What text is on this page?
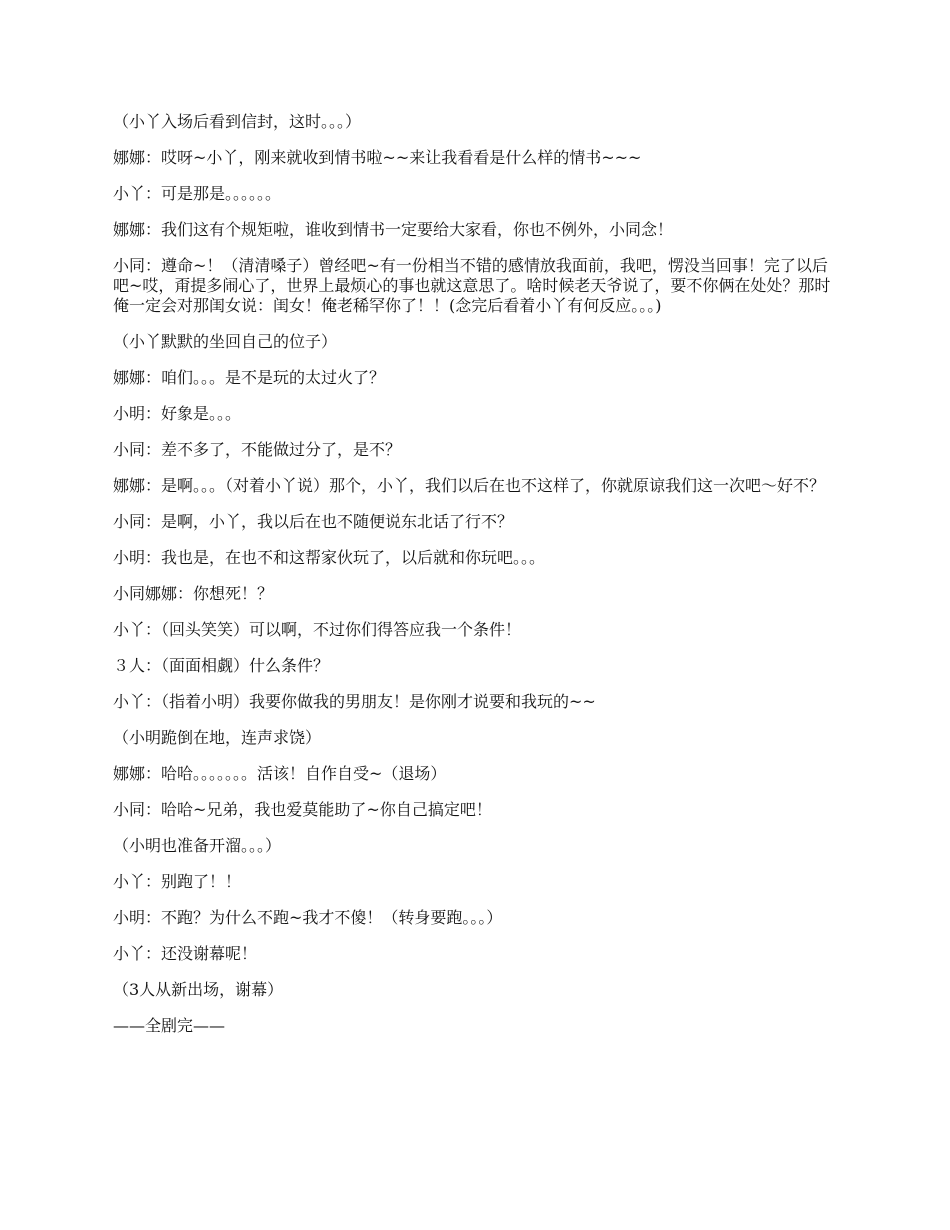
（小丫入场后看到信封，这时。。。）

娜娜：哎呀~小丫，刚来就收到情书啦~~来让我看看是什么样的情书~~~

小丫：可是那是。。。。。。

娜娜：我们这有个规矩啦，谁收到情书一定要给大家看，你也不例外，小同念！

小同：遵命~！（清清嗓子）曾经吧~有一份相当不错的感情放我面前，我吧，愣没当回事！完了以后吧~哎，甭提多闹心了，世界上最烦心的事也就这意思了。啥时候老天爷说了，要不你俩在处处？那时俺一定会对那闺女说：闺女！俺老稀罕你了！！(念完后看着小丫有何反应。。。)

（小丫默默的坐回自己的位子）

娜娜：咱们。。。是不是玩的太过火了？

小明：好象是。。。

小同：差不多了，不能做过分了，是不？

娜娜：是啊。。。（对着小丫说）那个，小丫，我们以后在也不这样了，你就原谅我们这一次吧～好不？

小同：是啊，小丫，我以后在也不随便说东北话了行不？

小明：我也是，在也不和这帮家伙玩了，以后就和你玩吧。。。

小同娜娜：你想死！？

小丫：（回头笑笑）可以啊，不过你们得答应我一个条件！

３人：（面面相觑）什么条件？

小丫：（指着小明）我要你做我的男朋友！是你刚才说要和我玩的~~

（小明跪倒在地，连声求饶）

娜娜：哈哈。。。。。。。活该！自作自受~（退场）

小同：哈哈~兄弟，我也爱莫能助了~你自己搞定吧！

（小明也准备开溜。。。）

小丫：别跑了！！

小明：不跑？为什么不跑~我才不傻！（转身要跑。。。）

小丫：还没谢幕呢！

（3人从新出场，谢幕）

——全剧完——
